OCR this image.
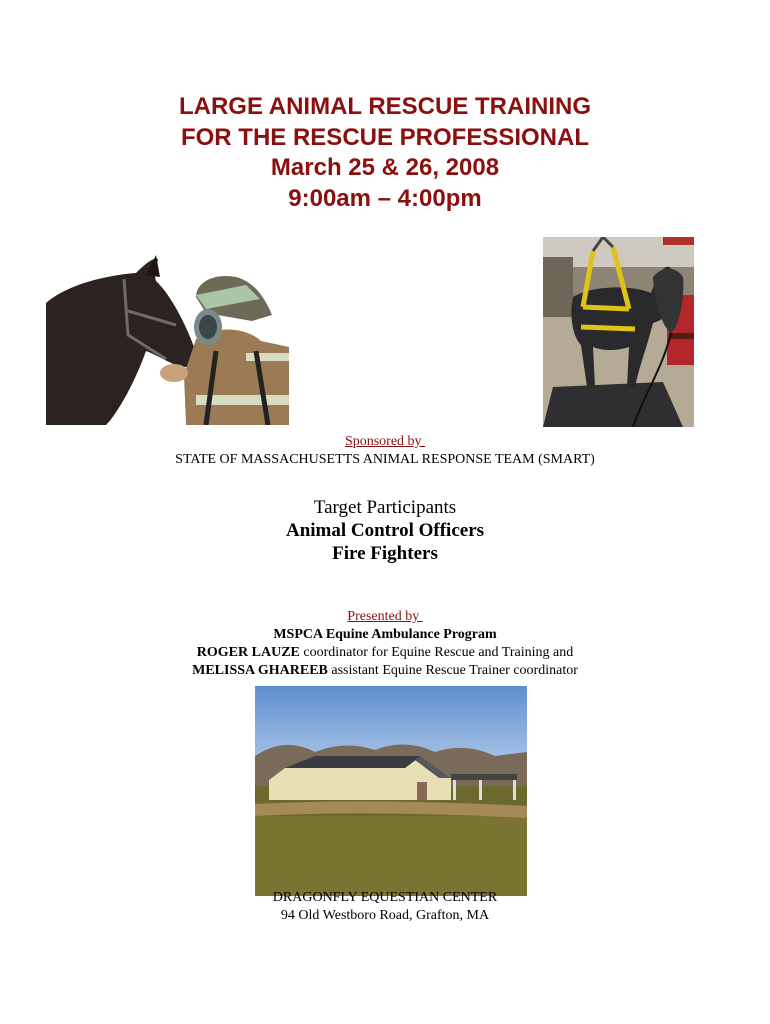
LARGE ANIMAL RESCUE TRAINING
FOR THE RESCUE PROFESSIONAL
March 25 & 26, 2008
9:00am – 4:00pm
Sponsored by
STATE OF MASSACHUSETTS ANIMAL RESPONSE TEAM (SMART)
Target Participants
Animal Control Officers
Fire Fighters
Presented by
MSPCA Equine Ambulance Program
ROGER LAUZE coordinator for Equine Rescue and Training and
MELISSA GHAREEB assistant Equine Rescue Trainer coordinator
DRAGONFLY EQUESTIAN CENTER
94 Old Westboro Road, Grafton, MA
